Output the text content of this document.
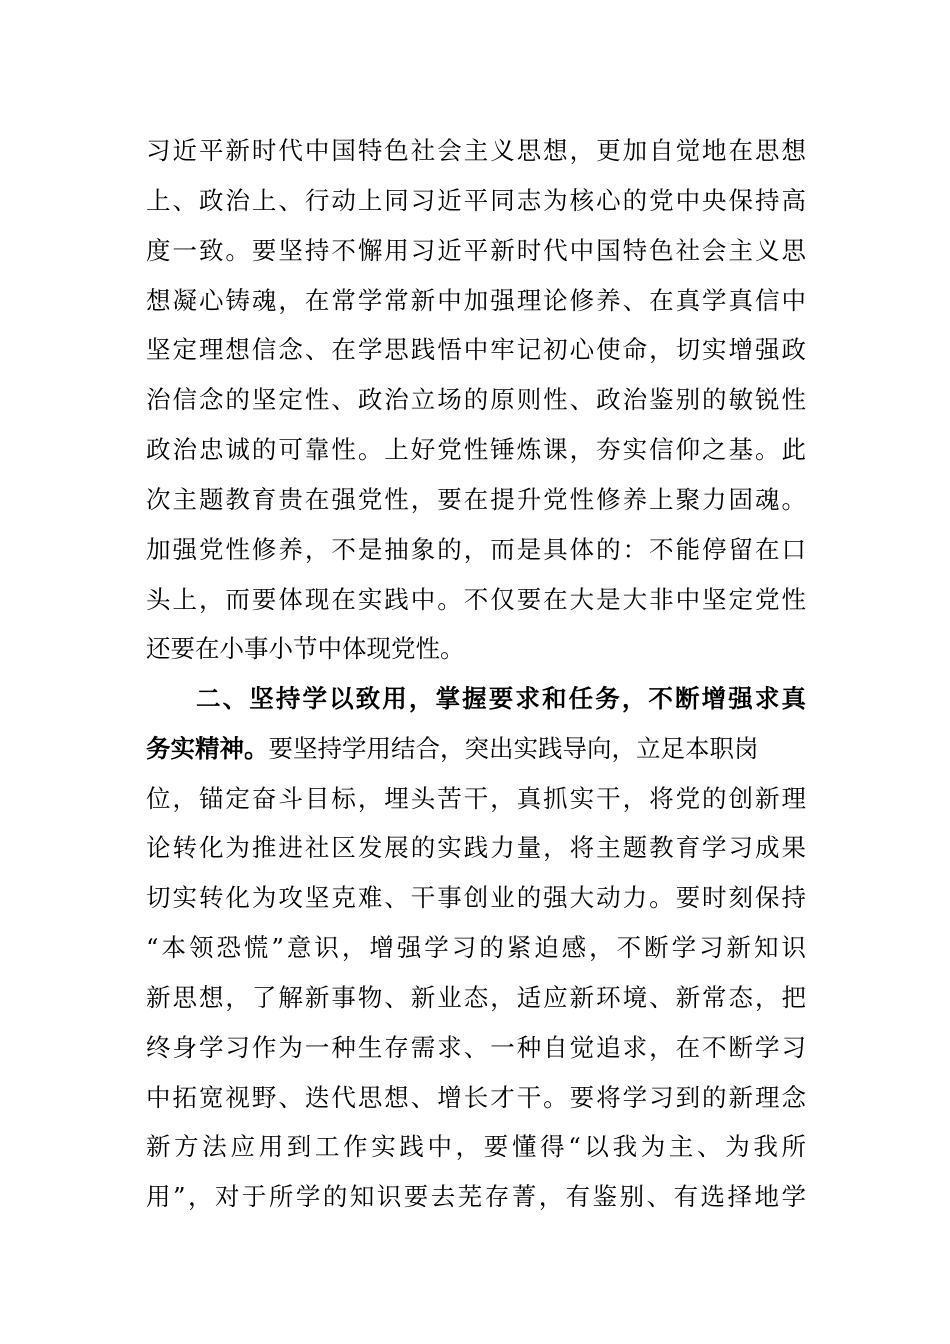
习近平新时代中国特色社会主义思想，更加自觉地在思想
上、政治上、行动上同习近平同志为核心的党中央保持高
度一致。要坚持不懈用习近平新时代中国特色社会主义思
想凝心铸魂，在常学常新中加强理论修养、在真学真信中
坚定理想信念、在学思践悟中牢记初心使命，切实增强政
治信念的坚定性、政治立场的原则性、政治鉴别的敏锐性
政治忠诚的可靠性。上好党性锤炼课，夯实信仰之基。此
次主题教育贵在强党性，要在提升党性修养上聚力固魂。
加强党性修养，不是抽象的，而是具体的：不能停留在口
头上，而要体现在实践中。不仅要在大是大非中坚定党性
还要在小事小节中体现党性。
二、坚持学以致用，掌握要求和任务，不断增强求真
务实精神。要坚持学用结合，突出实践导向，立足本职岗
位，锚定奋斗目标，埋头苦干，真抓实干，将党的创新理
论转化为推进社区发展的实践力量，将主题教育学习成果
切实转化为攻坚克难、干事创业的强大动力。要时刻保持
“本领恐慌”意识，增强学习的紧迫感，不断学习新知识
新思想，了解新事物、新业态，适应新环境、新常态，把
终身学习作为一种生存需求、一种自觉追求，在不断学习
中拓宽视野、迭代思想、增长才干。要将学习到的新理念
新方法应用到工作实践中，要懂得“以我为主、为我所
用”，对于所学的知识要去芜存菁，有鉴别、有选择地学
